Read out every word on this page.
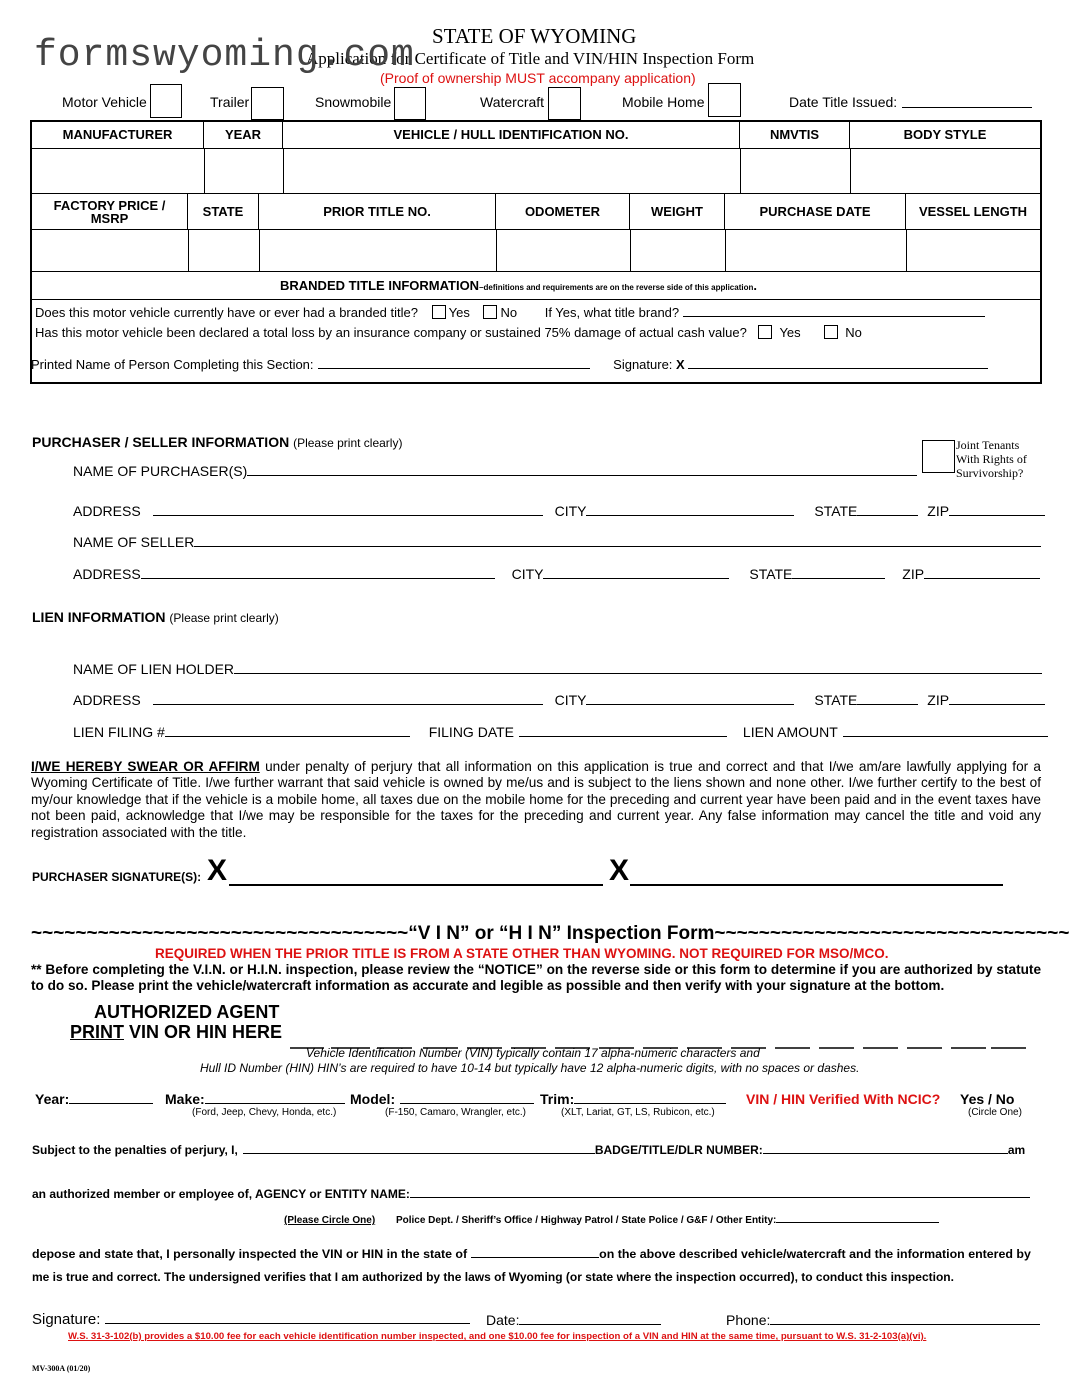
STATE OF WYOMING
Application for Certificate of Title and VIN/HIN Inspection Form
formswyoming.com
(Proof of ownership MUST accompany application)
Motor Vehicle	Trailer	Snowmobile	Watercraft	Mobile Home	Date Title Issued:
MANUFACTURER	YEAR	VEHICLE / HULL IDENTIFICATION NO.	NMVTIS	BODY STYLE
FACTORY PRICE / MSRP	STATE	PRIOR TITLE NO.	ODOMETER	WEIGHT	PURCHASE DATE	VESSEL LENGTH
BRANDED TITLE INFORMATION–definitions and requirements are on the reverse side of this application.
Does this motor vehicle currently have or ever had a branded title? Yes No If Yes, what title brand?
Has this motor vehicle been declared a total loss by an insurance company or sustained 75% damage of actual cash value?	Yes	No
Printed Name of Person Completing this Section:	Signature: X
PURCHASER / SELLER INFORMATION (Please print clearly)	Joint Tenants With Rights of Survivorship?
NAME OF PURCHASER(S)
ADDRESS	CITY	STATE	ZIP
NAME OF SELLER
ADDRESS	CITY	STATE	ZIP
LIEN INFORMATION (Please print clearly)
NAME OF LIEN HOLDER
ADDRESS	CITY	STATE	ZIP
LIEN FILING #	FILING DATE	LIEN AMOUNT
I/WE HEREBY SWEAR OR AFFIRM under penalty of perjury that all information on this application is true and correct and that I/we am/are lawfully applying for a Wyoming Certificate of Title. I/we further warrant that said vehicle is owned by me/us and is subject to the liens shown and none other. I/we further certify to the best of my/our knowledge that if the vehicle is a mobile home, all taxes due on the mobile home for the preceding and current year have been paid and in the event taxes have not been paid, acknowledge that I/we may be responsible for the taxes for the preceding and current year. Any false information may cancel the title and void any registration associated with the title.
PURCHASER SIGNATURE(S): X	X
~~~~~~~~~~~~~~~~~~~~~~~~~~~~~~~~~~“V I N” or “H I N” Inspection Form~~~~~~~~~~~~~~~~~~~~~~~~~~~~~~~~
REQUIRED WHEN THE PRIOR TITLE IS FROM A STATE OTHER THAN WYOMING. NOT REQUIRED FOR MSO/MCO.
** Before completing the V.I.N. or H.I.N. inspection, please review the “NOTICE” on the reverse side or this form to determine if you are authorized by statute to do so. Please print the vehicle/watercraft information as accurate and legible as possible and then verify with your signature at the bottom.
AUTHORIZED AGENT
PRINT VIN OR HIN HERE
Vehicle Identification Number (VIN) typically contain 17 alpha-numeric characters and
Hull ID Number (HIN) HIN’s are required to have 10-14 but typically have 12 alpha-numeric digits, with no spaces or dashes.
Year:	Make:
(Ford, Jeep, Chevy, Honda, etc.)
Model:
(F-150, Camaro, Wrangler, etc.)
Trim:
(XLT, Lariat, GT, LS, Rubicon, etc.)
VIN / HIN Verified With NCIC? Yes / No
(Circle One)
Subject to the penalties of perjury, I,	BADGE/TITLE/DLR NUMBER:	am
an authorized member or employee of, AGENCY or ENTITY NAME:
(Please Circle One) Police Dept. / Sheriff’s Office / Highway Patrol / State Police / G&F / Other Entity:
depose and state that, I personally inspected the VIN or HIN in the state of	on the above described vehicle/watercraft and the information entered by
me is true and correct. The undersigned verifies that I am authorized by the laws of Wyoming (or state where the inspection occurred), to conduct this inspection.
Signature:	Date:	Phone:
W.S. 31-3-102(b) provides a $10.00 fee for each vehicle identification number inspected, and one $10.00 fee for inspection of a VIN and HIN at the same time, pursuant to W.S. 31-2-103(a)(vi).
MV-300A (01/20)
